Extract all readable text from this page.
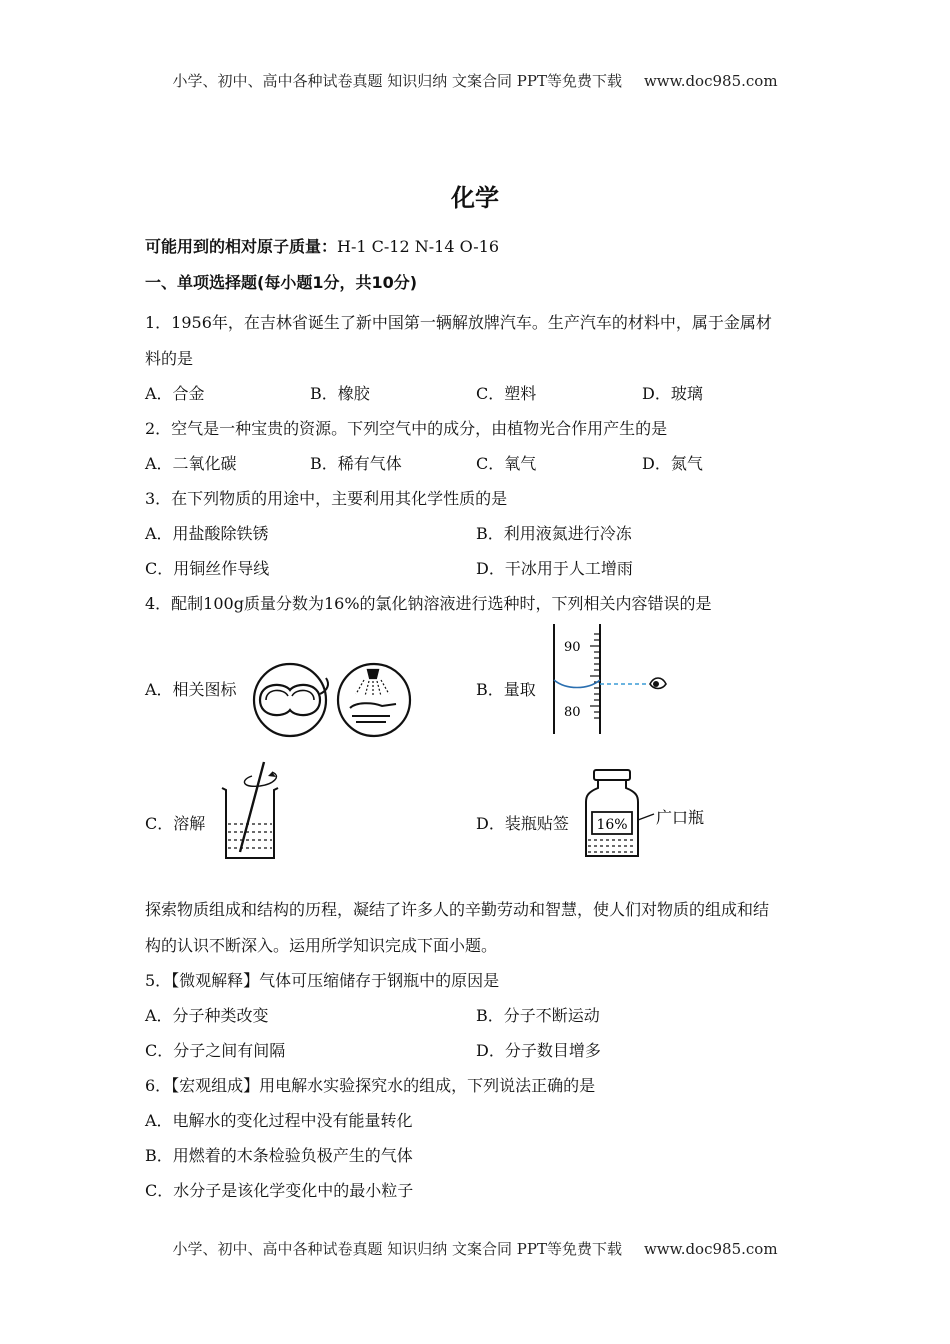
小学、初中、高中各种试卷真题 知识归纳 文案合同 PPT等免费下载 www.doc985.com
化学
可能用到的相对原子质量：H-1 C-12 N-14 O-16
一、单项选择题(每小题1分，共10分)
1．1956年，在吉林省诞生了新中国第一辆解放牌汽车。生产汽车的材料中，属于金属材
料的是
A．合金	B．橡胶	C．塑料	D．玻璃
2．空气是一种宝贵的资源。下列空气中的成分，由植物光合作用产生的是
A．二氧化碳	B．稀有气体	C．氧气	D．氮气
3．在下列物质的用途中，主要利用其化学性质的是
A．用盐酸除铁锈	B．利用液氮进行冷冻
C．用铜丝作导线	D．干冰用于人工增雨
4．配制100g质量分数为16%的氯化钠溶液进行选种时，下列相关内容错误的是
A．相关图标	B．量取
C．溶解	D．装瓶贴签
90
80
16% 广口瓶
探索物质组成和结构的历程，凝结了许多人的辛勤劳动和智慧，使人们对物质的组成和结
构的认识不断深入。运用所学知识完成下面小题。
5．【微观解释】气体可压缩储存于钢瓶中的原因是
A．分子种类改变	B．分子不断运动
C．分子之间有间隔	D．分子数目增多
6．【宏观组成】用电解水实验探究水的组成，下列说法正确的是
A．电解水的变化过程中没有能量转化
B．用燃着的木条检验负极产生的气体
C．水分子是该化学变化中的最小粒子
小学、初中、高中各种试卷真题 知识归纳 文案合同 PPT等免费下载 www.doc985.com
